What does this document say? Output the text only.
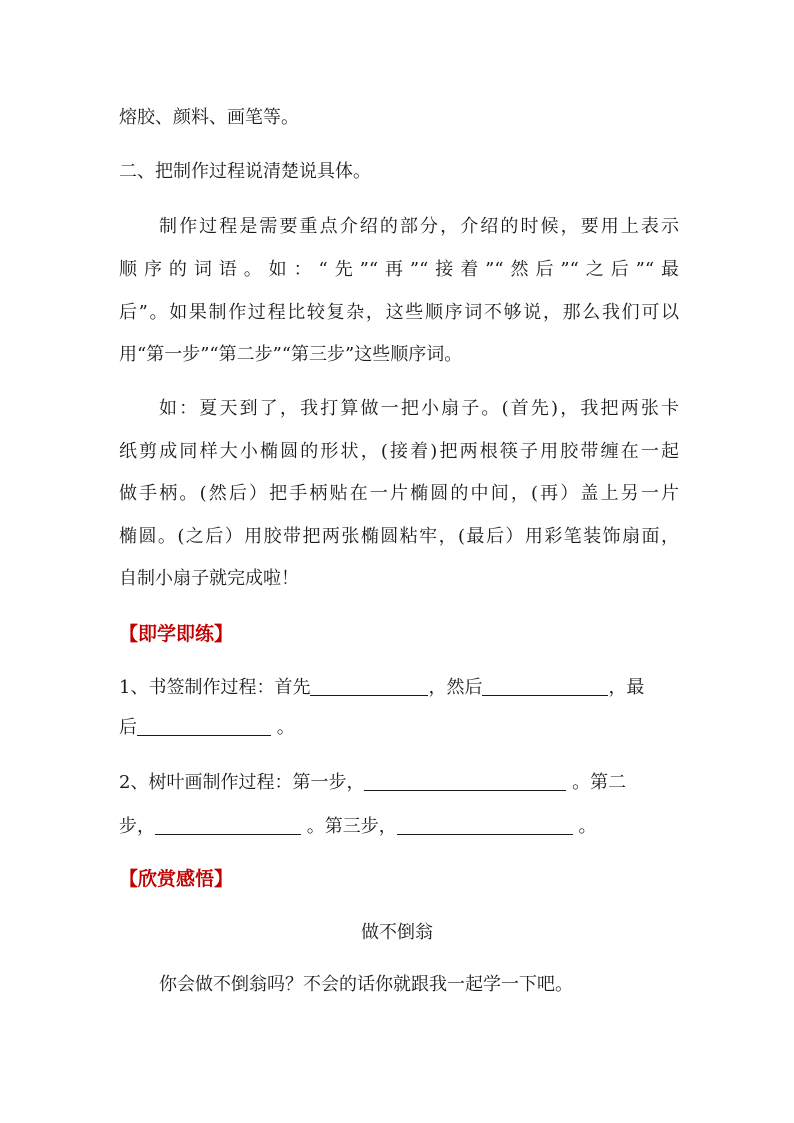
熔胶、颜料、画笔等。
二、把制作过程说清楚说具体。
制作过程是需要重点介绍的部分，介绍的时候，要用上表示
顺序的词语。如：“先”“再”“接着”“然后”“之后”“最
后”。如果制作过程比较复杂，这些顺序词不够说，那么我们可以
用“第一步”“第二步”“第三步”这些顺序词。
如：夏天到了，我打算做一把小扇子。(首先)，我把两张卡
纸剪成同样大小椭圆的形状，(接着)把两根筷子用胶带缠在一起
做手柄。(然后）把手柄贴在一片椭圆的中间，(再）盖上另一片
椭圆。(之后）用胶带把两张椭圆粘牢，(最后）用彩笔装饰扇面，
自制小扇子就完成啦！
【即学即练】
1、书签制作过程：首先	，然后	，最
后	。
2、树叶画制作过程：第一步，	。第二
步，	。第三步，	。
【欣赏感悟】
做不倒翁
你会做不倒翁吗？不会的话你就跟我一起学一下吧。
